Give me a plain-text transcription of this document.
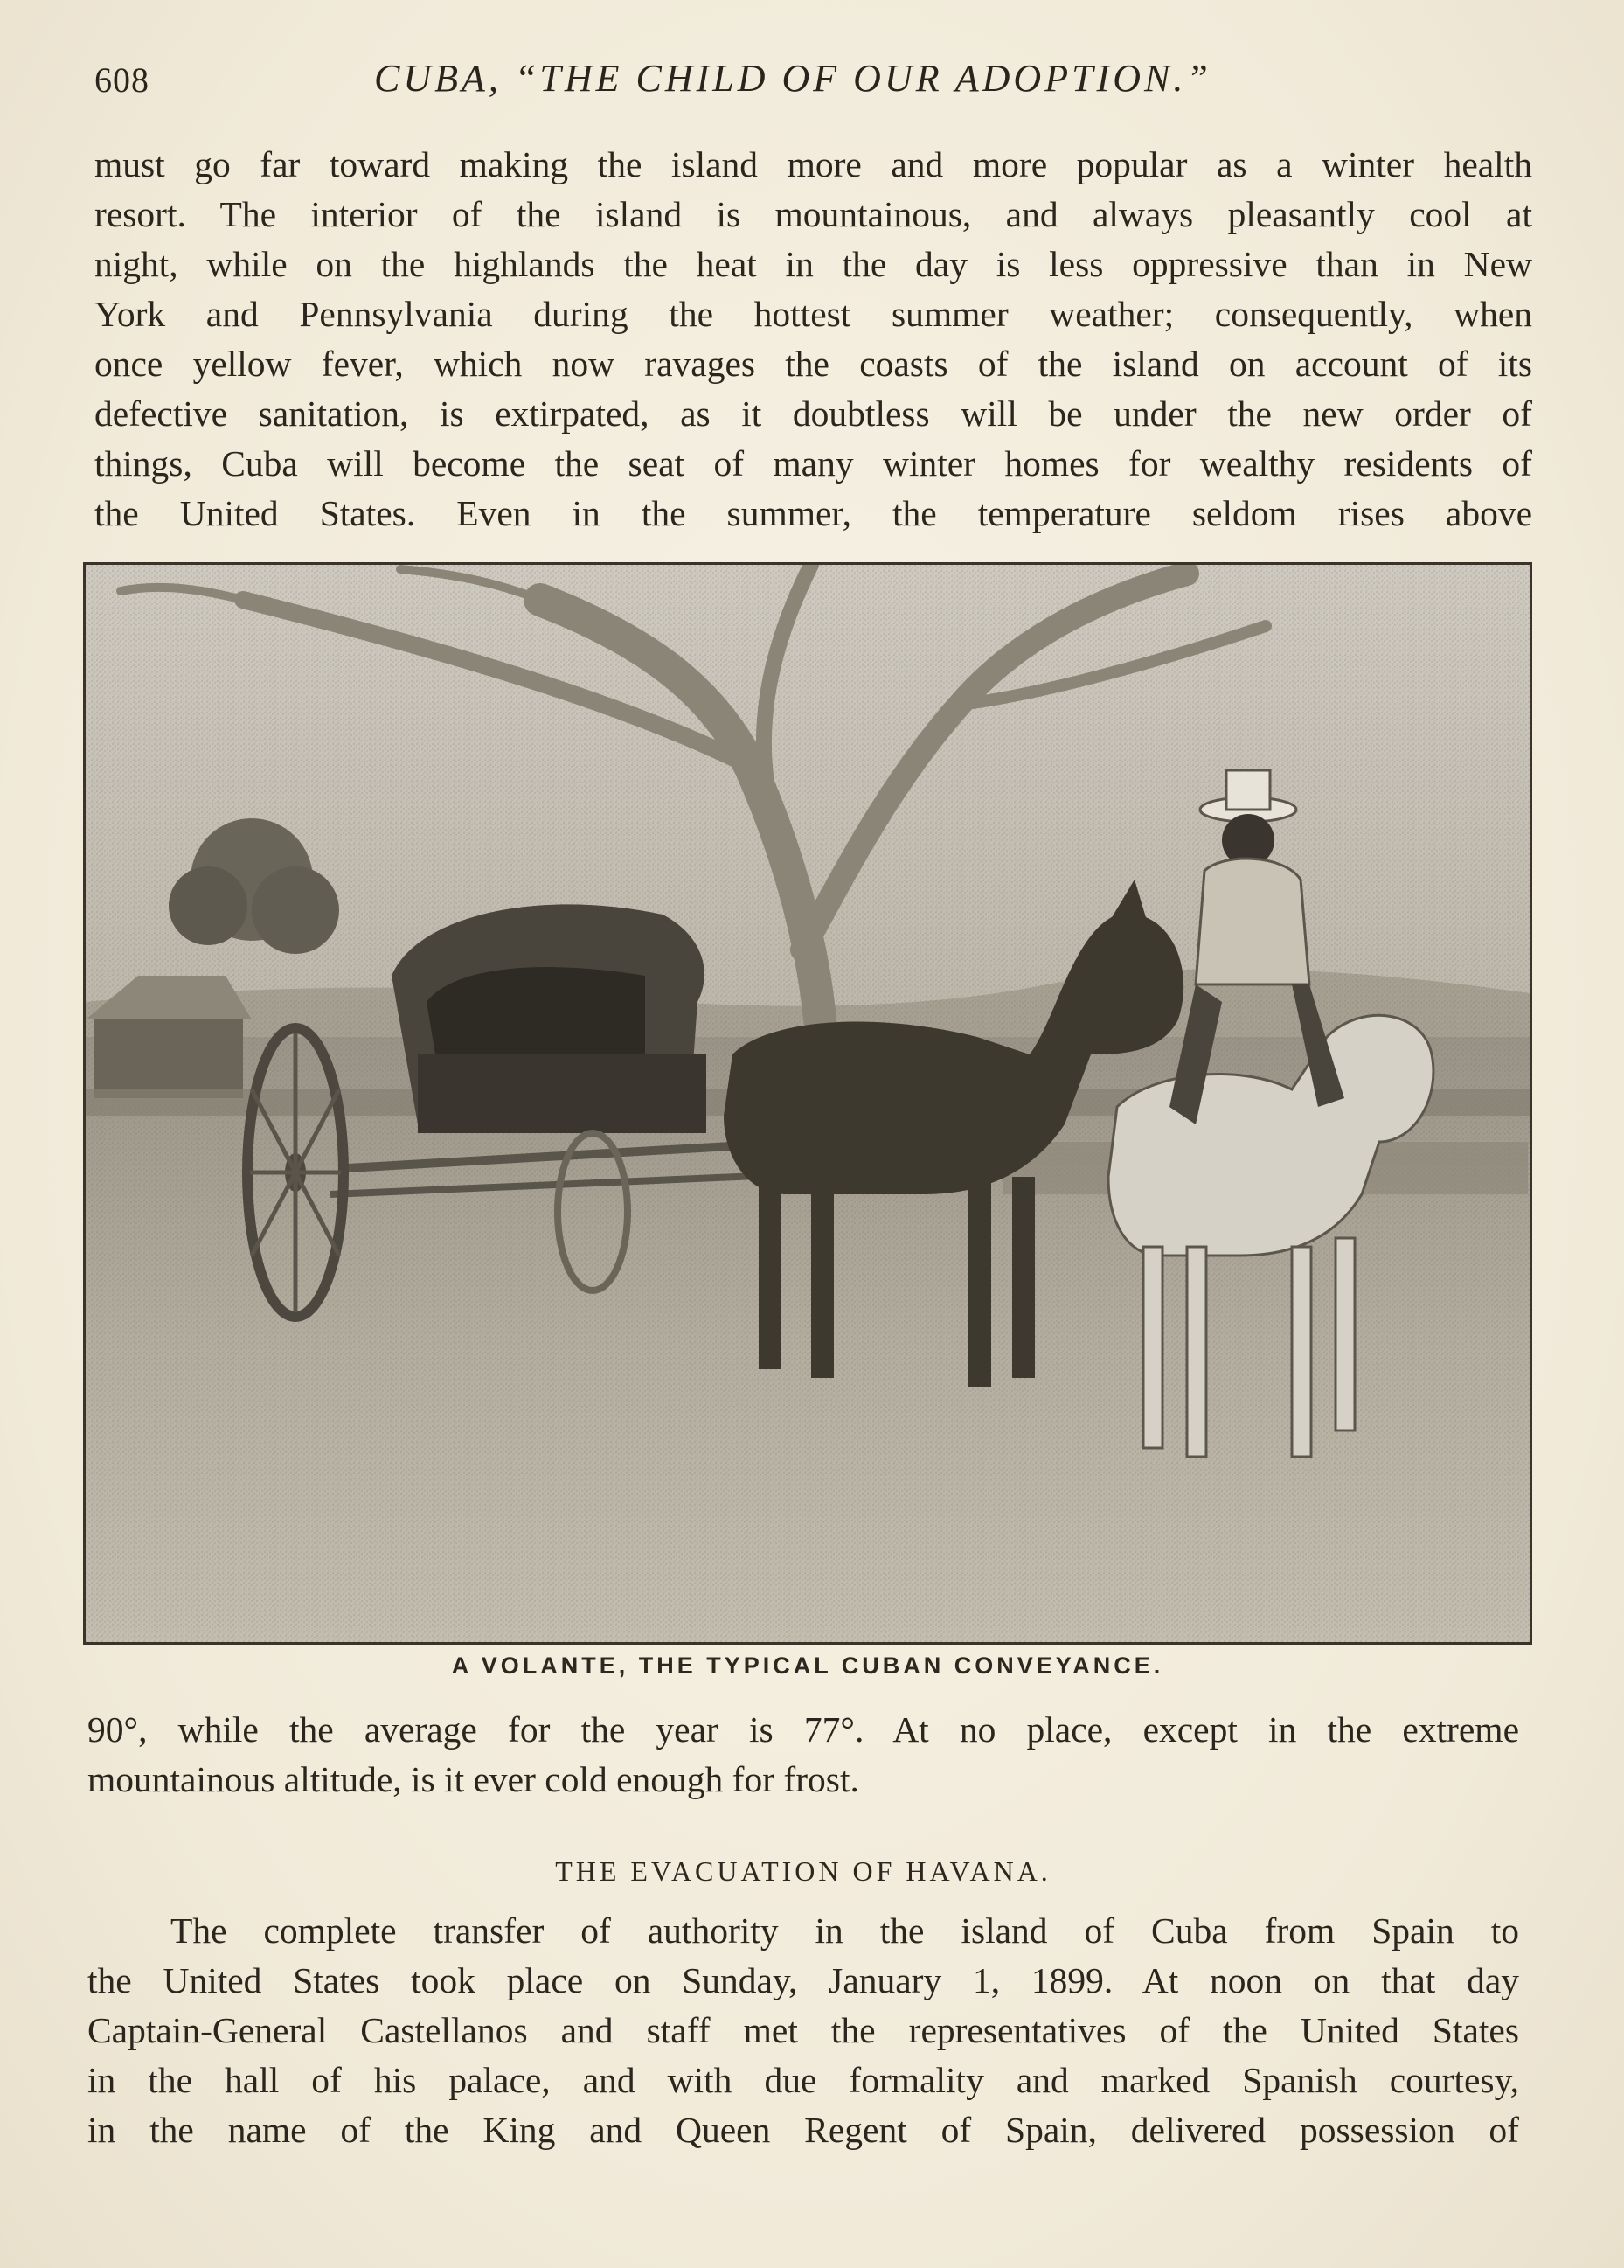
608	CUBA, “THE CHILD OF OUR ADOPTION.”
must go far toward making the island more and more popular as a winter health
resort. The interior of the island is mountainous, and always pleasantly cool at
night, while on the highlands the heat in the day is less oppressive than in New
York and Pennsylvania during the hottest summer weather; consequently, when
once yellow fever, which now ravages the coasts of the island on account of its
defective sanitation, is extirpated, as it doubtless will be under the new order of
things, Cuba will become the seat of many winter homes for wealthy residents of
the United States. Even in the summer, the temperature seldom rises above
A VOLANTE, THE TYPICAL CUBAN CONVEYANCE.
90°, while the average for the year is 77°. At no place, except in the extreme
mountainous altitude, is it ever cold enough for frost.
THE EVACUATION OF HAVANA.
The complete transfer of authority in the island of Cuba from Spain to
the United States took place on Sunday, January 1, 1899. At noon on that day
Captain-General Castellanos and staff met the representatives of the United States
in the hall of his palace, and with due formality and marked Spanish courtesy,
in the name of the King and Queen Regent of Spain, delivered possession of
